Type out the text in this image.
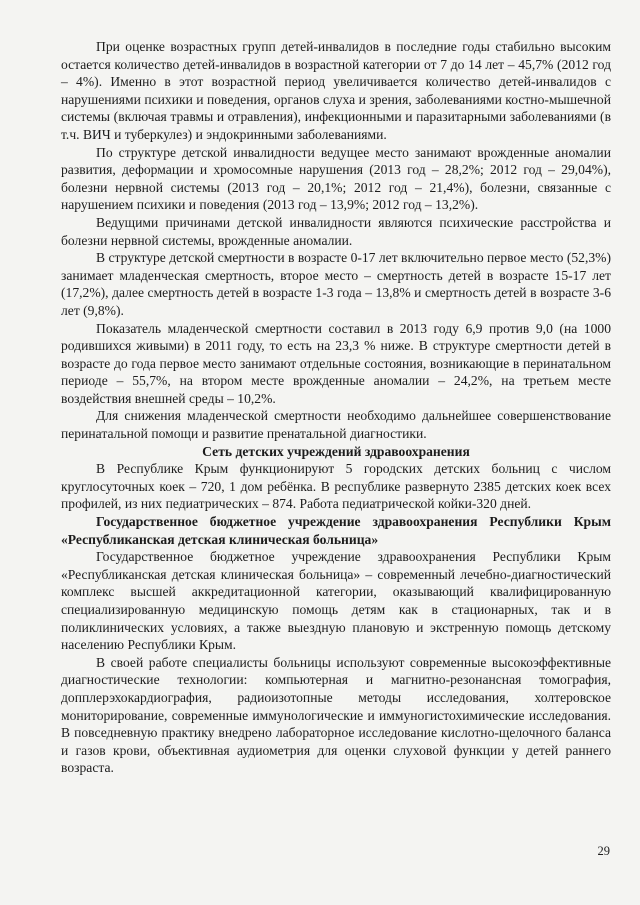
При оценке возрастных групп детей-инвалидов в последние годы стабильно высоким остается количество детей-инвалидов в возрастной категории от 7 до 14 лет – 45,7% (2012 год – 4%). Именно в этот возрастной период увеличивается количество детей-инвалидов с нарушениями психики и поведения, органов слуха и зрения, заболеваниями костно-мышечной системы (включая травмы и отравления), инфекционными и паразитарными заболеваниями (в т.ч. ВИЧ и туберкулез) и эндокринными заболеваниями.

По структуре детской инвалидности ведущее место занимают врожденные аномалии развития, деформации и хромосомные нарушения (2013 год – 28,2%; 2012 год – 29,04%), болезни нервной системы (2013 год – 20,1%; 2012 год – 21,4%), болезни, связанные с нарушением психики и поведения (2013 год – 13,9%; 2012 год – 13,2%).

Ведущими причинами детской инвалидности являются психические расстройства и болезни нервной системы, врожденные аномалии.

В структуре детской смертности в возрасте 0-17 лет включительно первое место (52,3%) занимает младенческая смертность, второе место – смертность детей в возрасте 15-17 лет (17,2%), далее смертность детей в возрасте 1-3 года – 13,8% и смертность детей в возрасте 3-6 лет (9,8%).

Показатель младенческой смертности составил в 2013 году 6,9 против 9,0 (на 1000 родившихся живыми) в 2011 году, то есть на 23,3 % ниже. В структуре смертности детей в возрасте до года первое место занимают отдельные состояния, возникающие в перинатальном периоде – 55,7%, на втором месте врожденные аномалии – 24,2%, на третьем месте воздействия внешней среды – 10,2%.

Для снижения младенческой смертности необходимо дальнейшее совершенствование перинатальной помощи и развитие пренатальной диагностики.

Сеть детских учреждений здравоохранения

В Республике Крым функционируют 5 городских детских больниц с числом круглосуточных коек – 720, 1 дом ребёнка. В республике развернуто 2385 детских коек всех профилей, из них педиатрических – 874. Работа педиатрической койки-320 дней.

Государственное бюджетное учреждение здравоохранения Республики Крым «Республиканская детская клиническая больница»

Государственное бюджетное учреждение здравоохранения Республики Крым «Республиканская детская клиническая больница» – современный лечебно-диагностический комплекс высшей аккредитационной категории, оказывающий квалифицированную специализированную медицинскую помощь детям как в стационарных, так и в поликлинических условиях, а также выездную плановую и экстренную помощь детскому населению Республики Крым.

В своей работе специалисты больницы используют современные высокоэффективные диагностические технологии: компьютерная и магнитно-резонансная томография, допплерэхокардиография, радиоизотопные методы исследования, холтеровское мониторирование, современные иммунологические и иммуногистохимические исследования. В повседневную практику внедрено лабораторное исследование кислотно-щелочного баланса и газов крови, объективная аудиометрия для оценки слуховой функции у детей раннего возраста.

29
